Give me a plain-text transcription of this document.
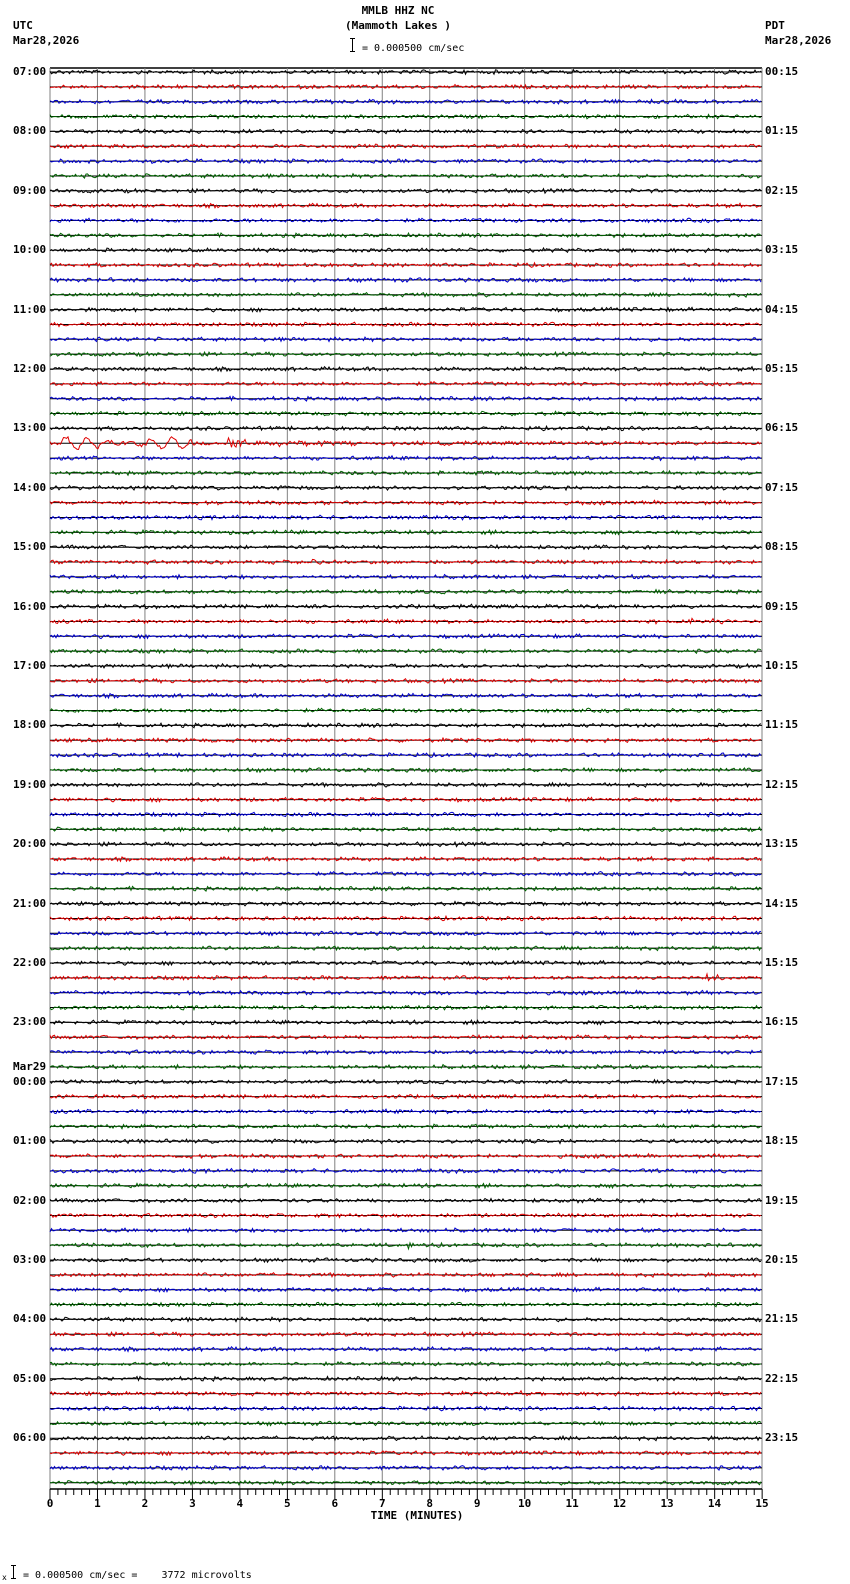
MMLB HHZ NC
(Mammoth Lakes )
UTC
Mar28,2026
PDT
Mar28,2026
= 0.000500 cm/sec
07:00
08:00
09:00
10:00
11:00
12:00
13:00
14:00
15:00
16:00
17:00
18:00
19:00
20:00
21:00
22:00
23:00
Mar29
00:00
01:00
02:00
03:00
04:00
05:00
06:00
00:15
01:15
02:15
03:15
04:15
05:15
06:15
07:15
08:15
09:15
10:15
11:15
12:15
13:15
14:15
15:15
16:15
17:15
18:15
19:15
20:15
21:15
22:15
23:15
0	1	2	3	4	5	6	7	8	9	10	11	12	13	14	15
TIME (MINUTES)
x = 0.000500 cm/sec =    3772 microvolts
